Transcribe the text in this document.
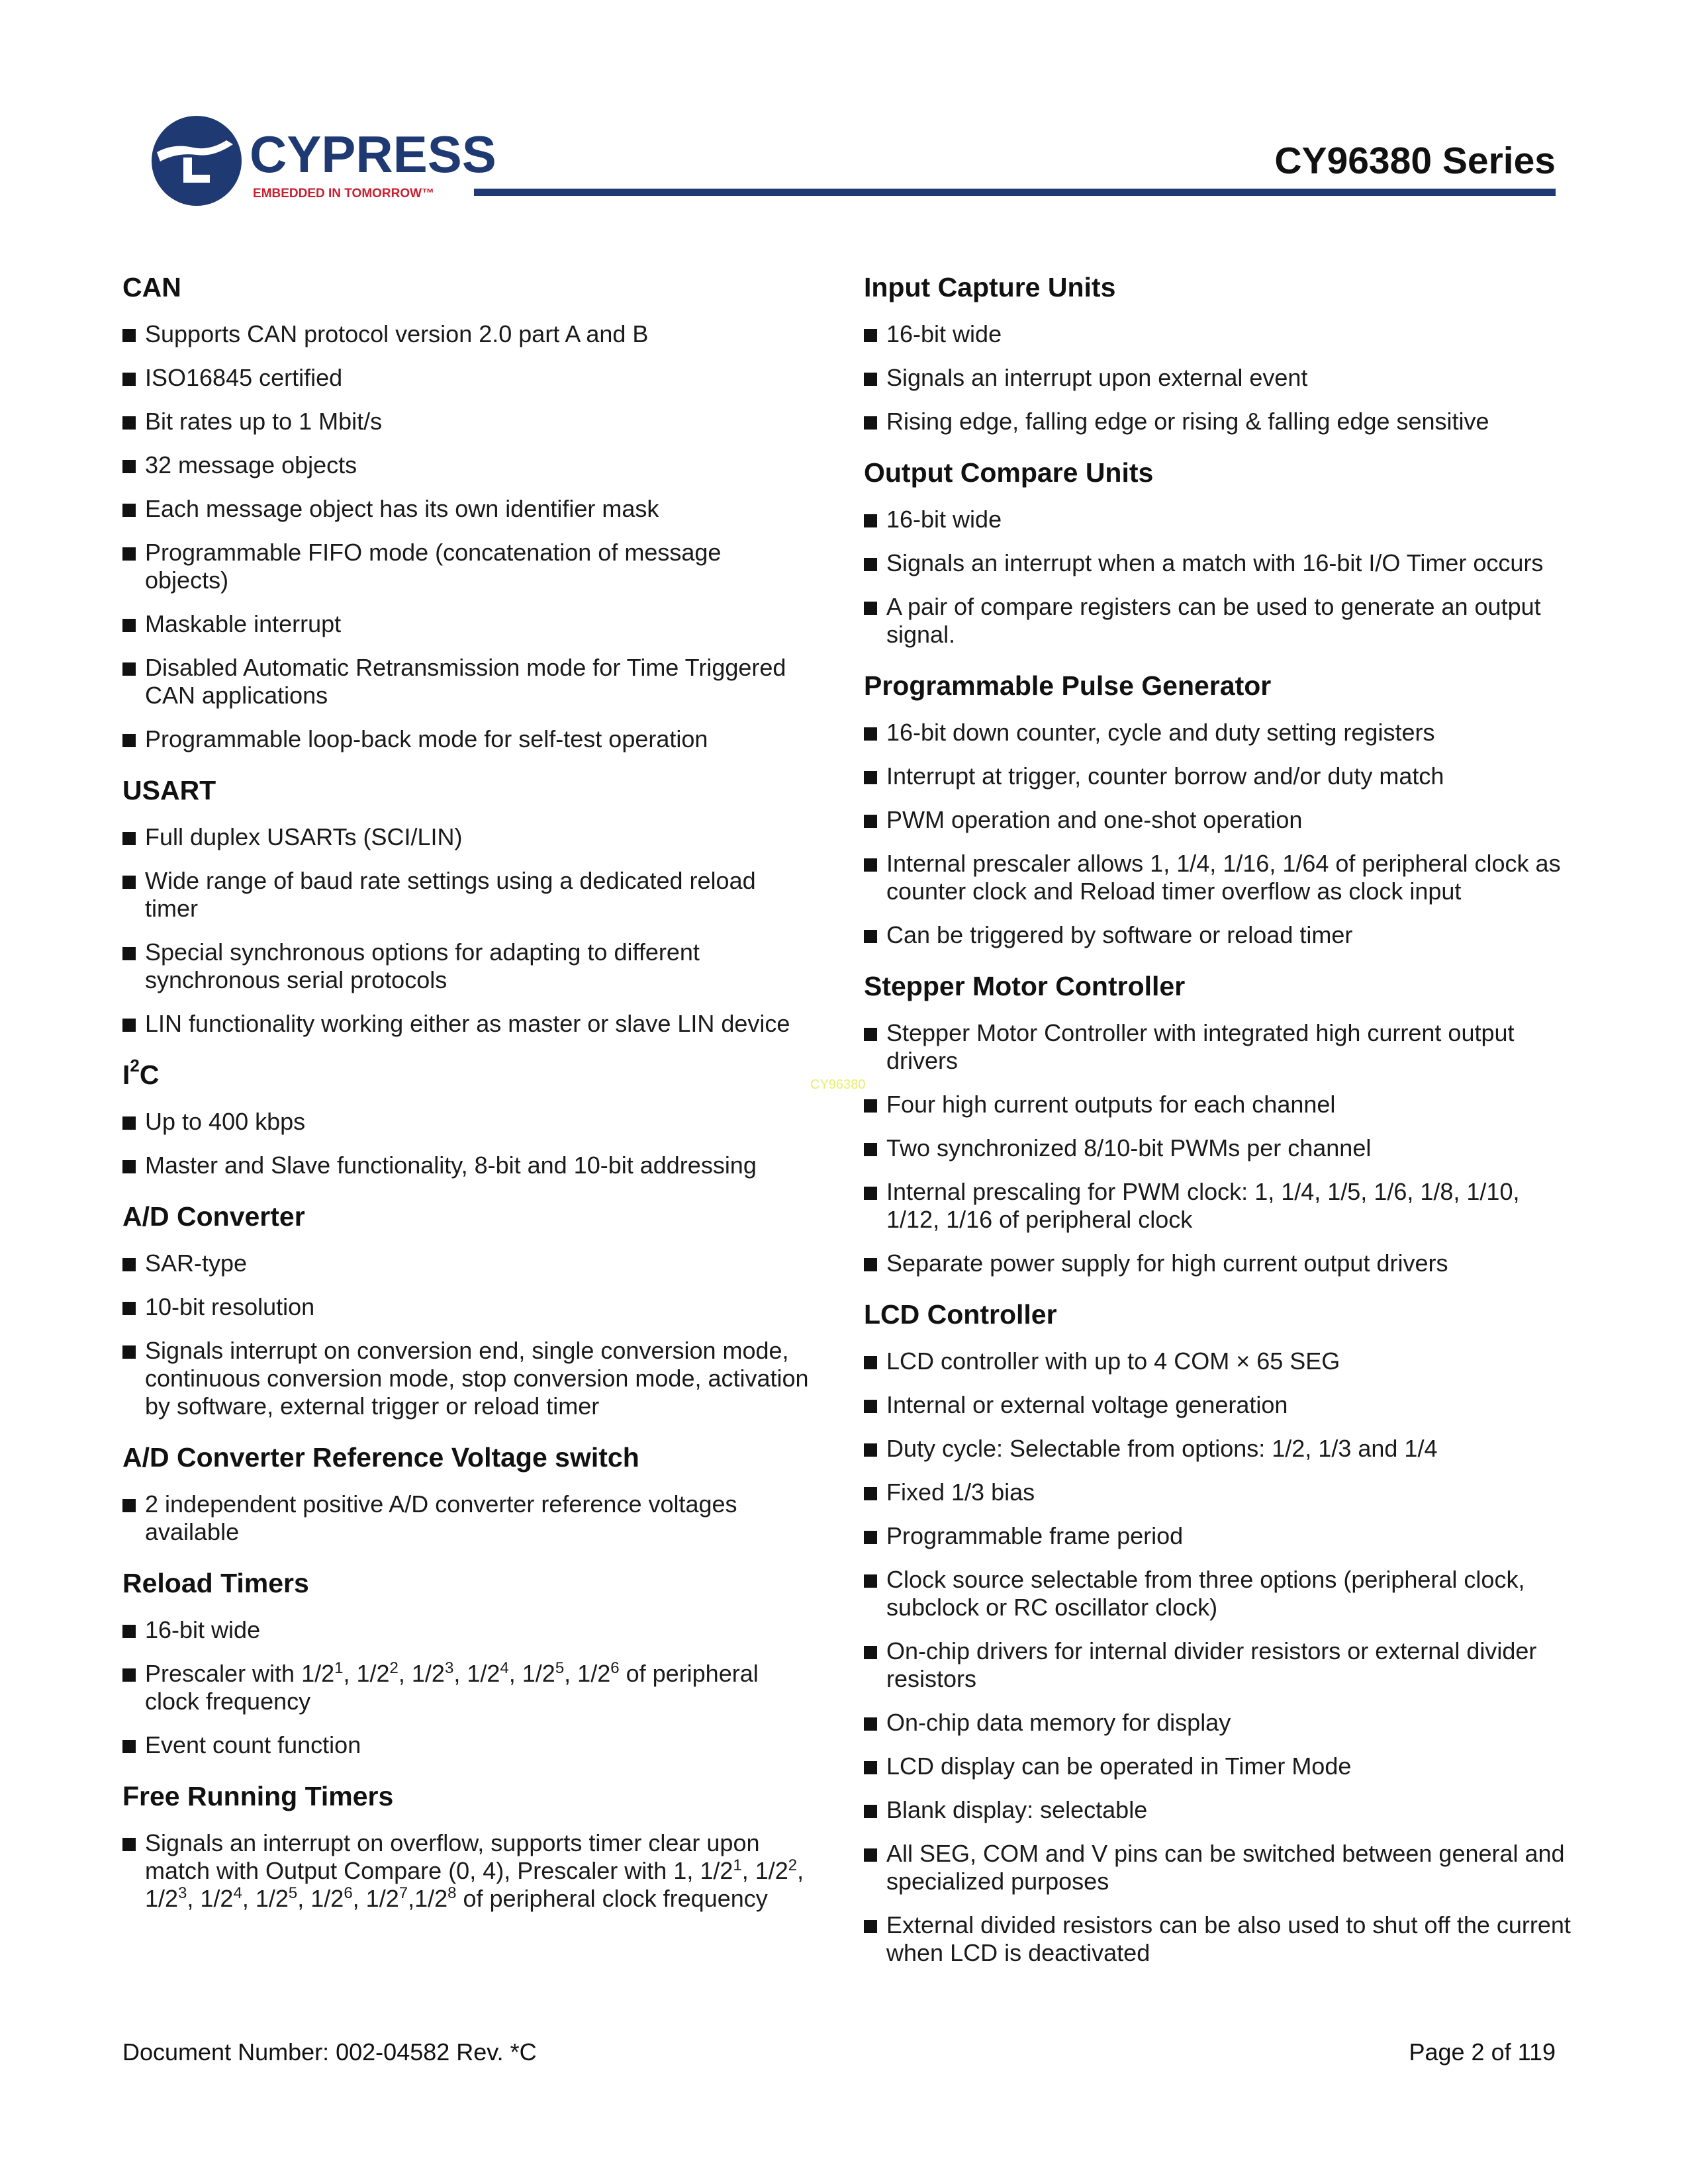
CYPRESS
EMBEDDED IN TOMORROW™
CY96380 Series
CAN
Supports CAN protocol version 2.0 part A and B
ISO16845 certified
Bit rates up to 1 Mbit/s
32 message objects
Each message object has its own identifier mask
Programmable FIFO mode (concatenation of message objects)
Maskable interrupt
Disabled Automatic Retransmission mode for Time Triggered CAN applications
Programmable loop-back mode for self-test operation
USART
Full duplex USARTs (SCI/LIN)
Wide range of baud rate settings using a dedicated reload timer
Special synchronous options for adapting to different synchronous serial protocols
LIN functionality working either as master or slave LIN device
$I^2C$
Up to 400 kbps
Master and Slave functionality, 8-bit and 10-bit addressing
A/D Converter
SAR-type
10-bit resolution
Signals interrupt on conversion end, single conversion mode, continuous conversion mode, stop conversion mode, activation by software, external trigger or reload timer
A/D Converter Reference Voltage switch
2 independent positive A/D converter reference voltages available
Reload Timers
16-bit wide
Prescaler with $1/2^1$, $1/2^2$, $1/2^3$, $1/2^4$, $1/2^5$, $1/2^6$ of peripheral clock frequency
Event count function
Free Running Timers
Signals an interrupt on overflow, supports timer clear upon match with Output Compare (0, 4), Prescaler with 1, $1/2^1$, $1/2^2$, $1/2^3$, $1/2^4$, $1/2^5$, $1/2^6$, $1/2^7,1/2^8$ of peripheral clock frequency
Input Capture Units
16-bit wide
Signals an interrupt upon external event
Rising edge, falling edge or rising & falling edge sensitive
Output Compare Units
16-bit wide
Signals an interrupt when a match with 16-bit I/O Timer occurs
A pair of compare registers can be used to generate an output signal.
Programmable Pulse Generator
16-bit down counter, cycle and duty setting registers
Interrupt at trigger, counter borrow and/or duty match
PWM operation and one-shot operation
Internal prescaler allows 1, 1/4, 1/16, 1/64 of peripheral clock as counter clock and Reload timer overflow as clock input
Can be triggered by software or reload timer
Stepper Motor Controller
Stepper Motor Controller with integrated high current output drivers
Four high current outputs for each channel
Two synchronized 8/10-bit PWMs per channel
Internal prescaling for PWM clock: 1, 1/4, 1/5, 1/6, 1/8, 1/10, 1/12, 1/16 of peripheral clock
Separate power supply for high current output drivers
LCD Controller
LCD controller with up to 4 COM × 65 SEG
Internal or external voltage generation
Duty cycle: Selectable from options: 1/2, 1/3 and 1/4
Fixed 1/3 bias
Programmable frame period
Clock source selectable from three options (peripheral clock, subclock or RC oscillator clock)
On-chip drivers for internal divider resistors or external divider resistors
On-chip data memory for display
LCD display can be operated in Timer Mode
Blank display: selectable
All SEG, COM and V pins can be switched between general and specialized purposes
External divided resistors can be also used to shut off the current when LCD is deactivated
CY96380
Document Number: 002-04582 Rev. *C	Page 2 of 119
